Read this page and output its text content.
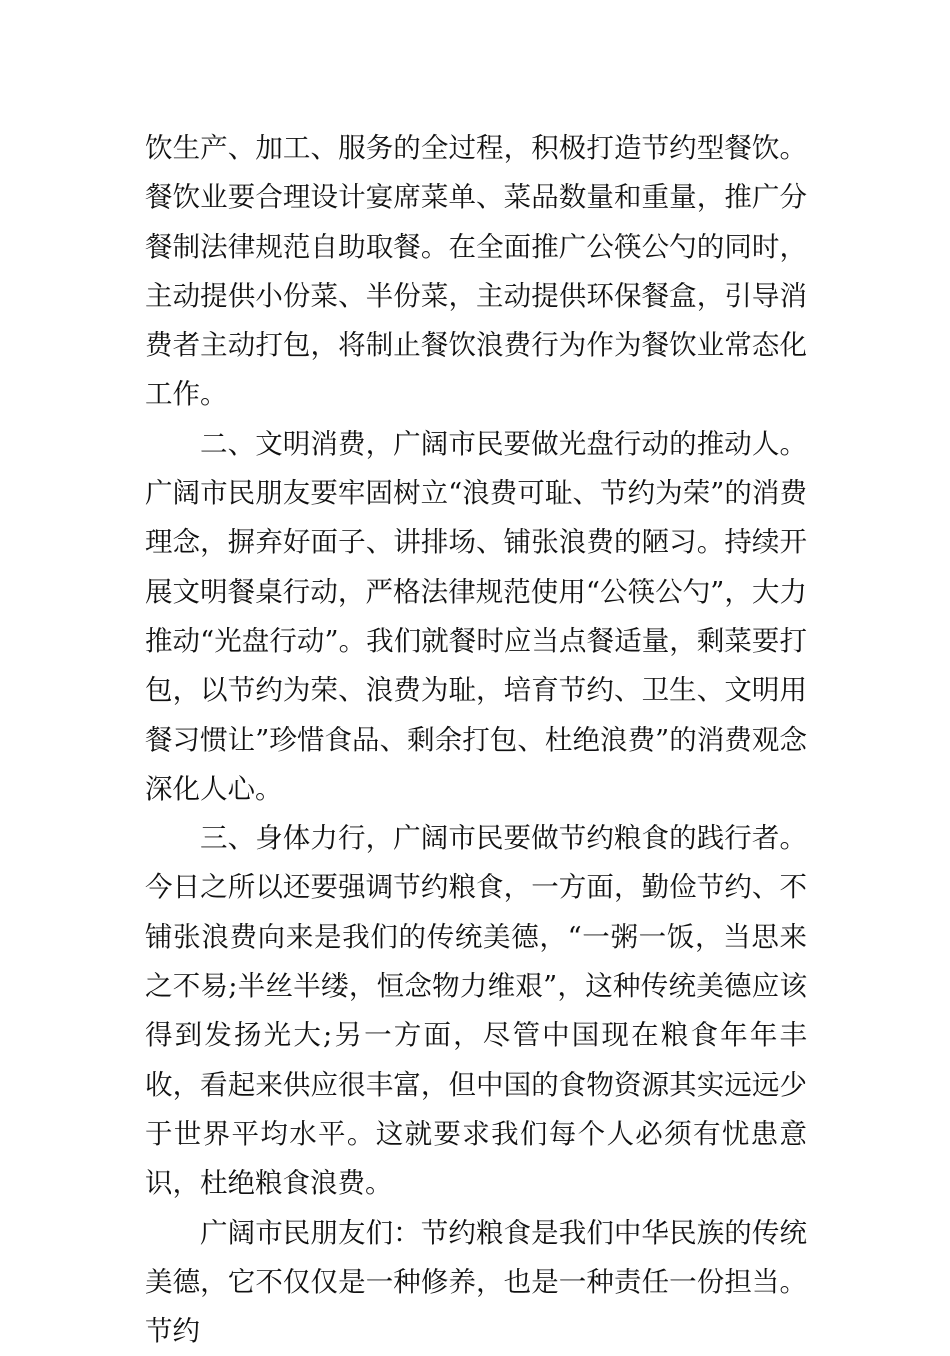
饮生产、加工、服务的全过程，积极打造节约型餐饮。餐饮业要合理设计宴席菜单、菜品数量和重量，推广分餐制法律规范自助取餐。在全面推广公筷公勺的同时，主动提供小份菜、半份菜，主动提供环保餐盒，引导消费者主动打包，将制止餐饮浪费行为作为餐饮业常态化工作。

二、文明消费，广阔市民要做光盘行动的推动人。广阔市民朋友要牢固树立“浪费可耻、节约为荣”的消费理念，摒弃好面子、讲排场、铺张浪费的陋习。持续开展文明餐桌行动，严格法律规范使用“公筷公勺”，大力推动“光盘行动”。我们就餐时应当点餐适量，剩菜要打包，以节约为荣、浪费为耻，培育节约、卫生、文明用餐习惯让”珍惜食品、剩余打包、杜绝浪费”的消费观念深化人心。

三、身体力行，广阔市民要做节约粮食的践行者。今日之所以还要强调节约粮食，一方面，勤俭节约、不铺张浪费向来是我们的传统美德，“一粥一饭，当思来之不易;半丝半缕，恒念物力维艰”，这种传统美德应该得到发扬光大;另一方面，尽管中国现在粮食年年丰收，看起来供应很丰富，但中国的食物资源其实远远少于世界平均水平。这就要求我们每个人必须有忧患意识，杜绝粮食浪费。

广阔市民朋友们：节约粮食是我们中华民族的传统美德，它不仅仅是一种修养，也是一种责任一份担当。节约
